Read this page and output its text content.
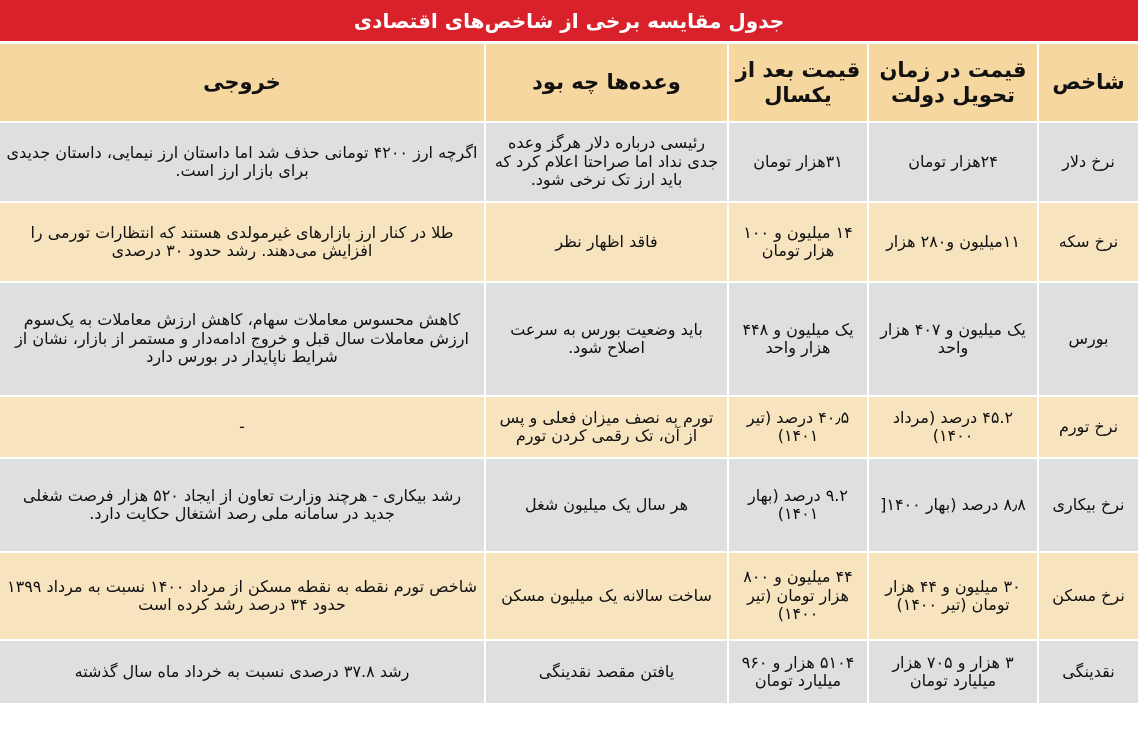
جدول مقایسه برخی از شاخص‌های اقتصادی
شاخص	قیمت در زمان تحویل دولت	قیمت بعد از یکسال	وعده‌ها چه بود	خروجی
نرخ دلار	۲۴هزار تومان	۳۱هزار تومان	رئیسی درباره دلار هرگز وعده جدی نداد اما صراحتا اعلام کرد که باید ارز تک نرخی شود.	اگرچه ارز ۴۲۰۰ تومانی حذف شد اما داستان ارز نیمایی، داستان جدیدی برای بازار ارز است.
نرخ سکه	۱۱میلیون و۲۸۰ هزار	۱۴ میلیون و ۱۰۰ هزار تومان	فاقد اظهار نظر	طلا در کنار ارز بازارهای غیرمولدی هستند که انتظارات تورمی را افزایش می‌دهند. رشد حدود ۳۰ درصدی
بورس	یک میلیون و ۴۰۷ هزار واحد	یک میلیون و ۴۴۸ هزار واحد	باید وضعیت بورس به سرعت اصلاح شود.	کاهش محسوس معاملات سهام، کاهش ارزش معاملات به یک‌سوم ارزش معاملات سال قبل و خروج ادامه‌دار و مستمر از بازار، نشان از شرایط ناپایدار در بورس دارد
نرخ تورم	۴۵.۲ درصد (مرداد ۱۴۰۰)	۴۰٫۵ درصد (تیر ۱۴۰۱)	تورم به نصف میزان فعلی و پس از آن، تک رقمی کردن تورم	-
نرخ بیکاری	۸٫۸ درصد (بهار ۱۴۰۰[	۹.۲ درصد (بهار ۱۴۰۱)	هر سال یک میلیون شغل	رشد بیکاری - هرچند وزارت تعاون از ایجاد ۵۲۰ هزار فرصت شغلی جدید در سامانه ملی رصد اشتغال حکایت دارد.
نرخ مسکن	۳۰ میلیون و ۴۴ هزار تومان (تیر ۱۴۰۰)	۴۴ میلیون و ۸۰۰ هزار تومان (تیر ۱۴۰۰)	ساخت سالانه یک میلیون مسکن	شاخص تورم نقطه به نقطه مسکن از مرداد ۱۴۰۰ نسبت به مرداد ۱۳۹۹ حدود ۳۴ درصد رشد کرده است
نقدینگی	۳ هزار و ۷۰۵ هزار میلیارد تومان	۵۱۰۴ هزار و ۹۶۰ میلیارد تومان	یافتن مقصد نقدینگی	رشد ۳۷.۸ درصدی نسبت به خرداد ماه سال گذشته
